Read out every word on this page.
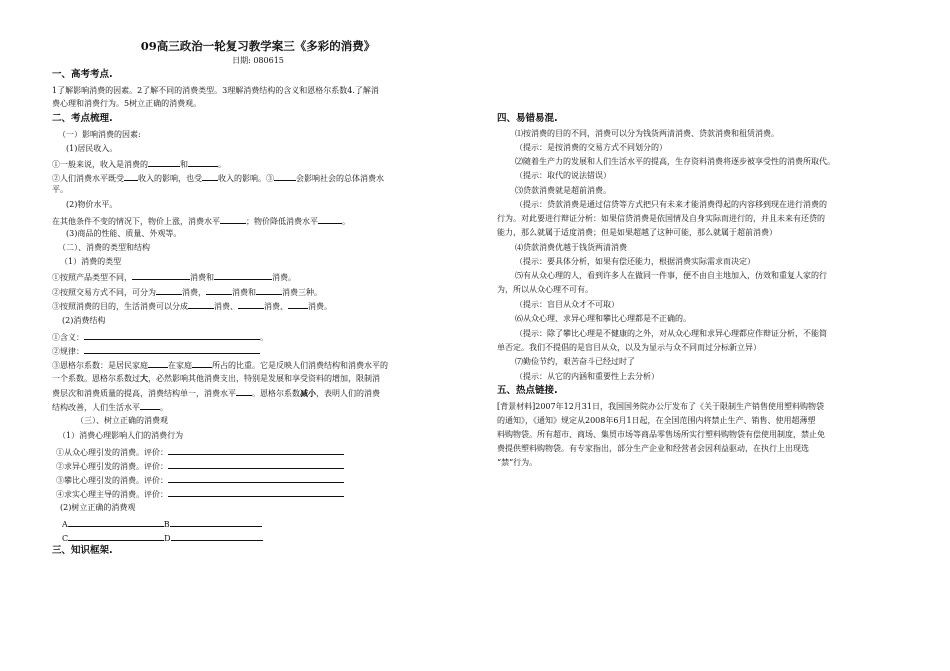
09高三政治一轮复习教学案三《多彩的消费》
日期: 080615
一、高考考点.
1了解影响消费的因素。2了解不同的消费类型。3理解消费结构的含义和恩格尔系数4.了解消
费心理和消费行为。5树立正确的消费观。
二、考点梳理.
（一）影响消费的因素:
(1)居民收入。
①一般来说，收入是消费的	和	。
②人们消费水平既受 收入的影响，也受 收入的影响。③	会影响社会的总体消费水
平。
(2)物价水平。
在其他条件不变的情况下，物价上涨，消费水平	；物价降低消费水平	。
(3)商品的性能、质量、外观等。
（二）、消费的类型和结构
（1）消费的类型
①按照产品类型不同，	消费和	消费。
②按照交易方式不同，可分为	消费，	消费和	消费三种。
③按照消费的目的，生活消费可以分成	消费、	消费、	消费。
(2)消费结构
①含义：	。
②规律：
③恩格尔系数：是居民家庭	在家庭	所占的比重。它是反映人们消费结构和消费水平的
一个系数。恩格尔系数过大，必然影响其他消费支出，特别是发展和享受资料的增加，限制消
费层次和消费质量的提高，消费结构单一，消费水平 。恩格尔系数减小，表明人们的消费
结构改善，人们生活水平	。
（三）、树立正确的消费观
（1）消费心理影响人们的消费行为
①从众心理引发的消费。评价：
②求异心理引发的消费。评价：
③攀比心理引发的消费。评价：
④求实心理主导的消费。评价：
(2)树立正确的消费观
A	B
C	D
三、知识框架.
四、易错易混.
⑴按消费的目的不同，消费可以分为钱货两清消费、贷款消费和租赁消费。
（提示：是按消费的交易方式不同划分的）
⑵随着生产力的发展和人们生活水平的提高，生存资料消费将逐步被享受性的消费所取代。
（提示：取代的说法错误）
⑶贷款消费就是超前消费。
（提示：贷款消费是通过信贷等方式把只有未来才能消费得起的内容移到现在进行消费的
行为。对此要进行辩证分析：如果信贷消费是依国情及自身实际而进行的，并且未来有还贷的
能力，那么就属于适度消费；但是如果超越了这种可能，那么就属于超前消费）
⑷贷款消费优越于钱货两清消费
（提示：要具体分析，如果有偿还能力，根据消费实际需求而决定）
⑸有从众心理的人，看到许多人在做同一件事，便不由自主地加入，仿效和重复人家的行
为，所以从众心理不可有。
（提示：盲目从众才不可取）
⑹从众心理、求异心理和攀比心理都是不正确的。
（提示：除了攀比心理是不健康的之外，对从众心理和求异心理都应作辩证分析，不能简
单否定。我们不提倡的是盲目从众，以及为显示与众不同而过分标新立异）
⑺勤俭节约，艰苦奋斗已经过时了
（提示：从它的内涵和重要性上去分析）
五、热点链接.
[背景材料]2007年12月31日，我国国务院办公厅发布了《关于限制生产销售使用塑料购物袋
的通知》，《通知》规定从2008年6月1日起，在全国范围内将禁止生产、销售、使用超薄塑
料购物袋。所有超市、商场、集贸市场等商品零售场所实行塑料购物袋有偿使用制度，禁止免
费提供塑料购物袋。有专家指出，部分生产企业和经营者会因利益驱动，在执行上出现选
“禁”行为。
